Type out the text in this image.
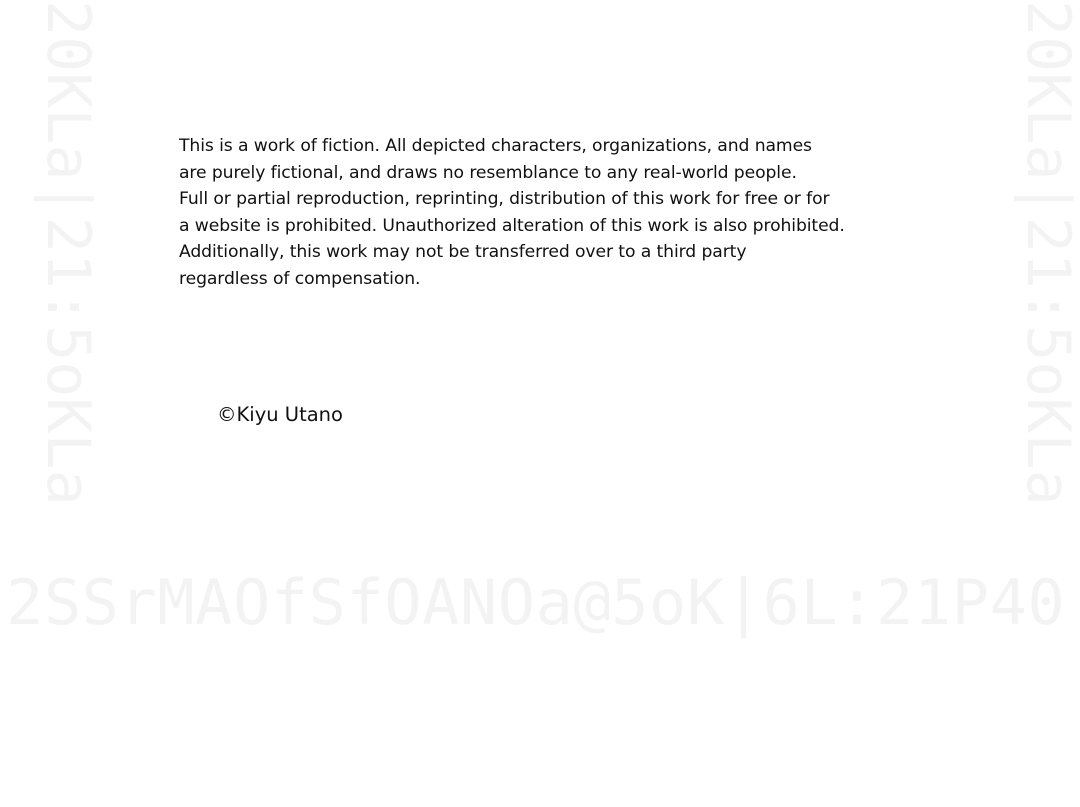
This is a work of fiction. All depicted characters, organizations, and names
are purely fictional, and draws no resemblance to any real-world people.
Full or partial reproduction, reprinting, distribution of this work for free or for
a website is prohibited. Unauthorized alteration of this work is also prohibited.
Additionally, this work may not be transferred over to a third party
regardless of compensation.

©Kiyu Utano
